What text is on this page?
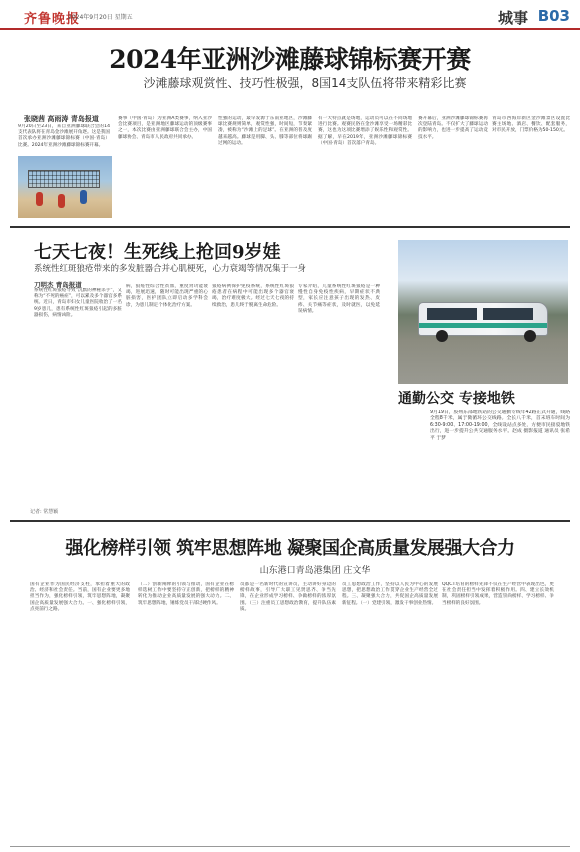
齐鲁晚报
2024年9月20日 星期五	城事 B03
2024年亚洲沙滩藤球锦标赛开赛
沙滩藤球观赏性、技巧性极强，8国14支队伍将带来精彩比赛
张晓茜 高雨涛 青岛报道
9月20日至23日，来自亚洲藤球联合会的14支代表队将在青岛金沙滩展开角逐。这是我国首次承办亚洲沙滩藤球锦标赛（中国·青岛）比赛。2024年亚洲沙滩藤球锦标赛开幕。
赛事（中国·青岛）为亚洲A类赛事，纳入亚沙会比赛项目，是亚洲地区藤球运动的顶级赛事之一，本次比赛由亚洲藤球联合会主办，中国藤球协会、青岛市人民政府共同承办。
性强的运动，最早发源于东南亚地区，沙滩藤球比赛规则简单，观赏性强，时间短，节奏紧凑，被称为“沙滩上的足球”。在亚洲的普及度越来越高。藤球是用脚、头、膝等部位将球踢过网的运动。
有一大特点就是场地，运动员可以在不同场地进行比赛。观赛民俗在金沙滩享受一场精彩比赛，这也为这项比赛增添了娱乐性和观赏性。据了解，早在2019年，亚洲沙滩藤球锦标赛（中国·青岛）首次落户青岛。
赛开幕后，亚洲沙滩藤球锦标赛再次登陆青岛。不仅扩大了藤球运动的影响力，也进一步提高了运动竞技水平。
青岛市西海岸新区金沙滩景区设置比赛主场地、酒店、餐饮、配套服务，对市民开放，门票价格为50-150元。
七天七夜！生死线上抢回9岁娃
系统性红斑狼疮带来的多发脏器合并心肌梗死，心力衰竭等情况集于一身
刀明杰 青岛报道
系统性红斑狼疮导致“沉默的神秘杀手”，又称为“不死的癌症”，可以累及多个器官多系统。近日，青岛市妇女儿童医院收治了一名9岁患儿，患有系统性红斑狼疮引起的多脏器损伤，病情凶险。
病，狼疮性综合性贫血，重度肾功能衰竭，进展迅速，随时可能出现严重的心脏损害，医护团队立即启动多学科会诊，为患儿制定个体化治疗方案。
狼疮病例保护免疫系统，系统性红斑狼疮患者在病程中可能出现多个器官衰竭，治疗难度极大。经过七天七夜的持续救治，患儿终于脱离生命危险。
专家介绍，儿童系统性红斑狼疮是一种慢性自身免疫性疾病，早期症状不典型，家长应注意孩子出现的发热、皮疹、关节痛等症状，及时就医，以免延误病情。
通勤公交 专接地铁
9月19日，胶州东部地铁站的公交通勤专线年42路正式开通，线路全程8千米，属于微循环公交线路。全长八千米，首末班车时间为6:30-9:00、17:00-19:00，全线设站点多处，方便市民接驳地铁出行，进一步提升公共交通服务水平。赵成 摄影报道 通讯员 张希平 于梦
记者: 常慧颖
强化榜样引领 筑牢思想阵地 凝聚国企高质量发展强大合力
山东港口青岛港集团 庄文华
国有企业作为国民经济支柱，承担着重大的政治、经济和社会责任。当前，国有企业要更多地担当作为，强化榜样引领，筑牢思想阵地，凝聚国企高质量发展强大合力。一、强化榜样引领，点亮前行之路。
（二）创新阐释的引领与推动，国有企业在榜样选树工作中要坚持守正创新，把榜样的精神转化为推动企业高质量发展的强大动力。二、筑牢思想阵地，锤炼党员干部过硬作风。
员都是一名新时代的宣讲员，主动讲好身边的榜样故事，引导广大职工见贤思齐、争当先锋，在企业形成学习榜样、争做榜样的浓厚氛围。（三）注重员工思想政治教育，提升队伍素质。
员工思想政治工作，坚持以人民为中心的发展思想，把思想政治工作贯穿企业生产经营全过程。三、凝聚强大合力，共促国企高质量发展新征程。（一）党建引领，激发干事创业热情。
QQCT培育的榜样先锋不仅在生产经营中表现出色，更在社会责任担当中发挥着积极作用。四、建立长效机制，巩固榜样引领成果，营造崇尚榜样、学习榜样、争当榜样的良好氛围。
